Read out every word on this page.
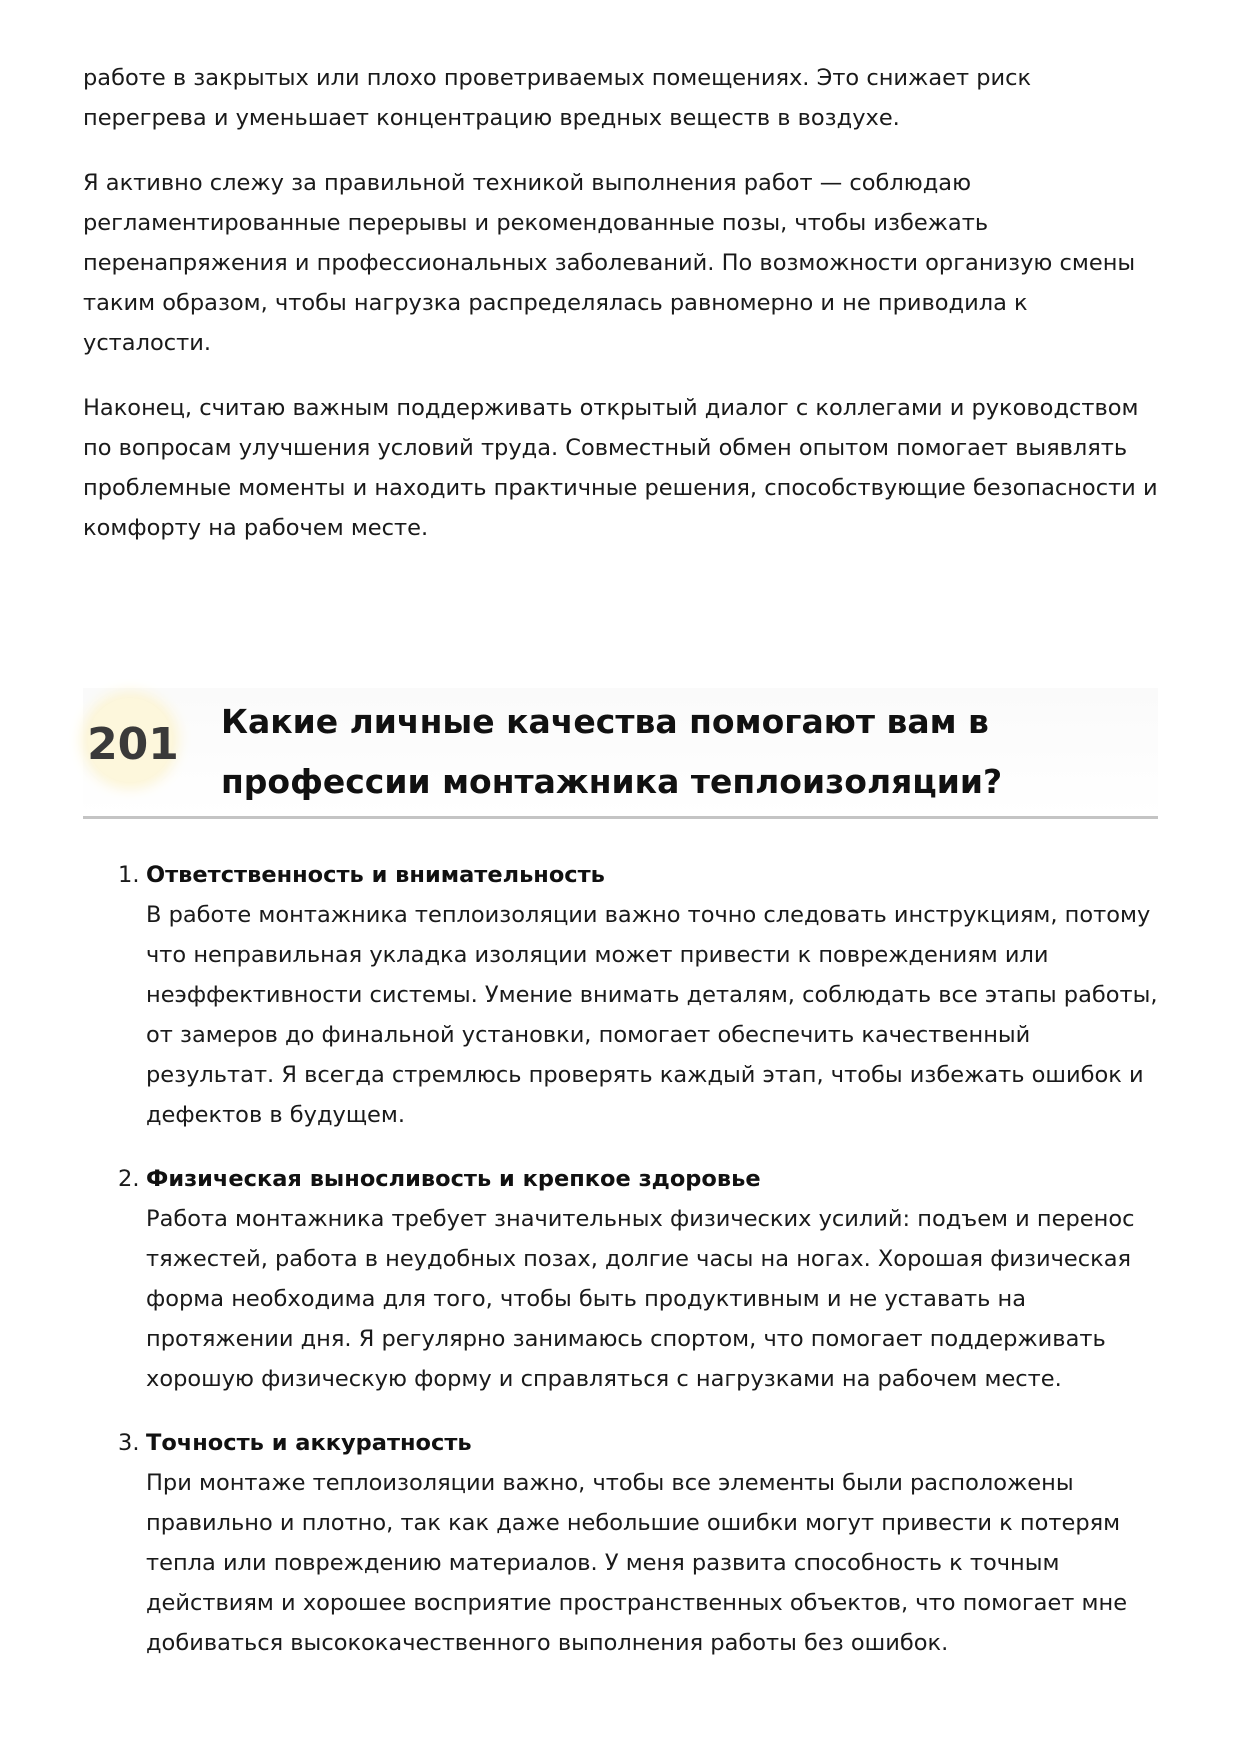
работе в закрытых или плохо проветриваемых помещениях. Это снижает риск перегрева и уменьшает концентрацию вредных веществ в воздухе.

Я активно слежу за правильной техникой выполнения работ — соблюдаю регламентированные перерывы и рекомендованные позы, чтобы избежать перенапряжения и профессиональных заболеваний. По возможности организую смены таким образом, чтобы нагрузка распределялась равномерно и не приводила к усталости.

Наконец, считаю важным поддерживать открытый диалог с коллегами и руководством по вопросам улучшения условий труда. Совместный обмен опытом помогает выявлять проблемные моменты и находить практичные решения, способствующие безопасности и комфорту на рабочем месте.

201 Какие личные качества помогают вам в профессии монтажника теплоизоляции?
1. Ответственность и внимательность
В работе монтажника теплоизоляции важно точно следовать инструкциям, потому что неправильная укладка изоляции может привести к повреждениям или неэффективности системы. Умение внимать деталям, соблюдать все этапы работы, от замеров до финальной установки, помогает обеспечить качественный результат. Я всегда стремлюсь проверять каждый этап, чтобы избежать ошибок и дефектов в будущем.
2. Физическая выносливость и крепкое здоровье
Работа монтажника требует значительных физических усилий: подъем и перенос тяжестей, работа в неудобных позах, долгие часы на ногах. Хорошая физическая форма необходима для того, чтобы быть продуктивным и не уставать на протяжении дня. Я регулярно занимаюсь спортом, что помогает поддерживать хорошую физическую форму и справляться с нагрузками на рабочем месте.
3. Точность и аккуратность
При монтаже теплоизоляции важно, чтобы все элементы были расположены правильно и плотно, так как даже небольшие ошибки могут привести к потерям тепла или повреждению материалов. У меня развита способность к точным действиям и хорошее восприятие пространственных объектов, что помогает мне добиваться высококачественного выполнения работы без ошибок.
